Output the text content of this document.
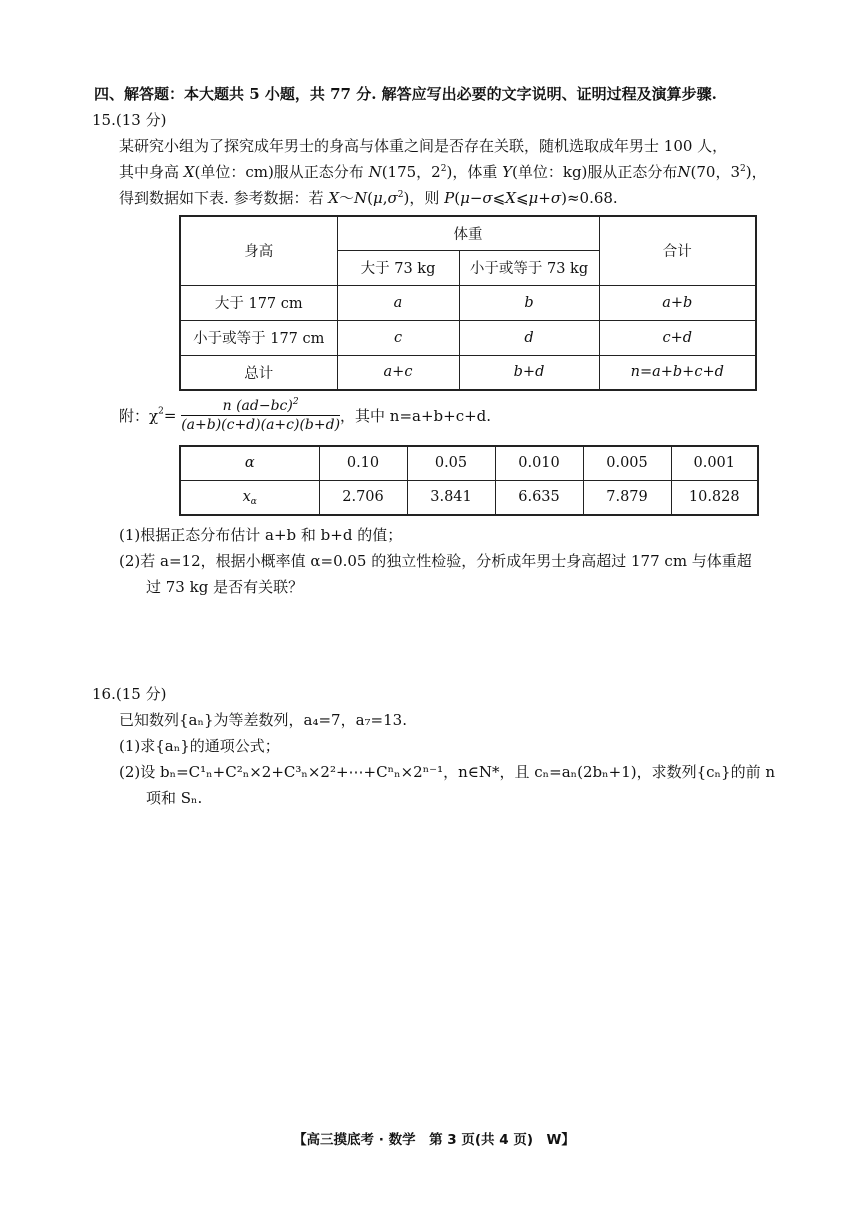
四、解答题：本大题共 5 小题，共 77 分. 解答应写出必要的文字说明、证明过程及演算步骤.
15.(13 分)
某研究小组为了探究成年男士的身高与体重之间是否存在关联，随机选取成年男士 100 人，
其中身高 X(单位：cm)服从正态分布 N(175，$2^2$)，体重 Y(单位：kg)服从正态分布N(70，$3^2$)，
得到数据如下表. 参考数据：若 $X\sim N(\mu,\sigma^2)$，则 P(μ−σ⩽X⩽μ+σ)≈0.68.
身高	体重		合计
	大于 73 kg	小于或等于 73 kg	
大于 177 cm	a	b	a+b
小于或等于 177 cm	c	d	c+d
总计	a+c	b+d	n=a+b+c+d
附：$\chi^2= \frac{n (ad-bc)^2}{(a+b)(c+d)(a+c)(b+d)}$ ，其中 n=a+b+c+d.
α	0.10	0.05	0.010	0.005	0.001
$x_\alpha$	2.706	3.841	6.635	7.879	10.828
(1)根据正态分布估计 a+b 和 b+d 的值；
(2)若 a=12，根据小概率值 α=0.05 的独立性检验，分析成年男士身高超过 177 cm 与体重超
过 73 kg 是否有关联？
16.(15 分)
已知数列{aₙ}为等差数列，a₄=7，a₇=13.
(1)求{aₙ}的通项公式；
(2)设 bₙ=C¹ₙ+C²ₙ×2+C³ₙ×2²+⋯+Cⁿₙ×2ⁿ⁻¹，n∈N*，且 cₙ=aₙ(2bₙ+1)，求数列{cₙ}的前 n
项和 Sₙ.
【高三摸底考 · 数学　第 3 页(共 4 页)　W】
